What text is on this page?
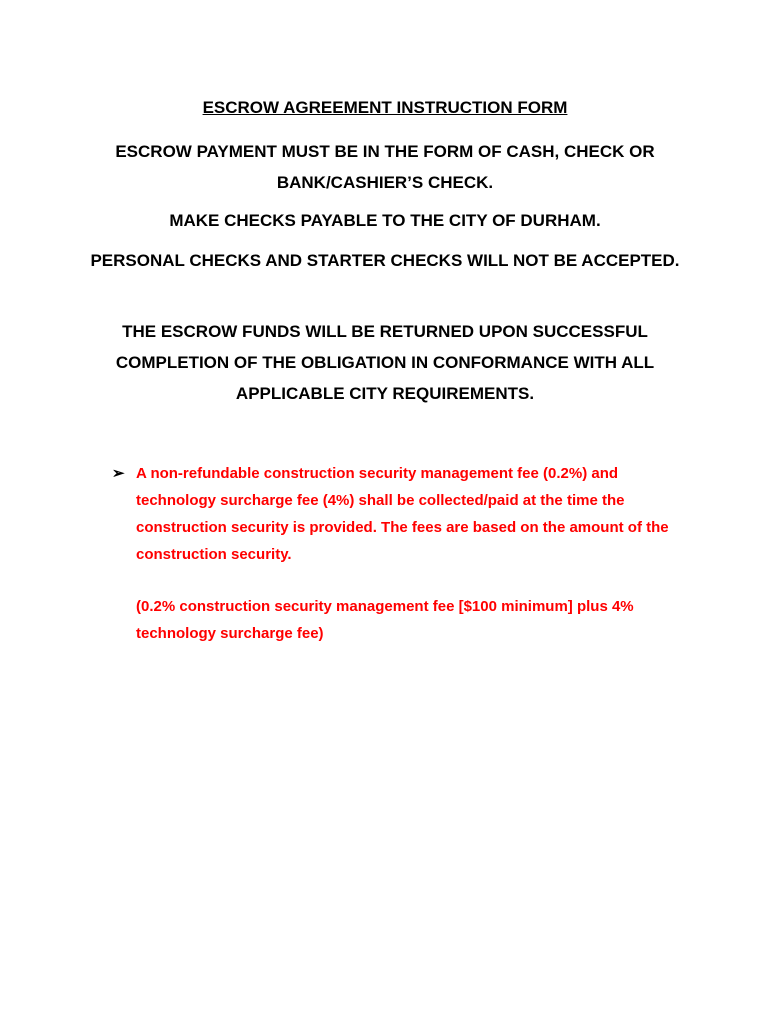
ESCROW AGREEMENT INSTRUCTION FORM

ESCROW PAYMENT MUST BE IN THE FORM OF CASH, CHECK OR BANK/CASHIER’S CHECK.

MAKE CHECKS PAYABLE TO THE CITY OF DURHAM.

PERSONAL CHECKS AND STARTER CHECKS WILL NOT BE ACCEPTED.

THE ESCROW FUNDS WILL BE RETURNED UPON SUCCESSFUL COMPLETION OF THE OBLIGATION IN CONFORMANCE WITH ALL APPLICABLE CITY REQUIREMENTS.

➢ A non-refundable construction security management fee (0.2%) and technology surcharge fee (4%) shall be collected/paid at the time the construction security is provided. The fees are based on the amount of the construction security.
(0.2% construction security management fee [$100 minimum] plus 4% technology surcharge fee)
